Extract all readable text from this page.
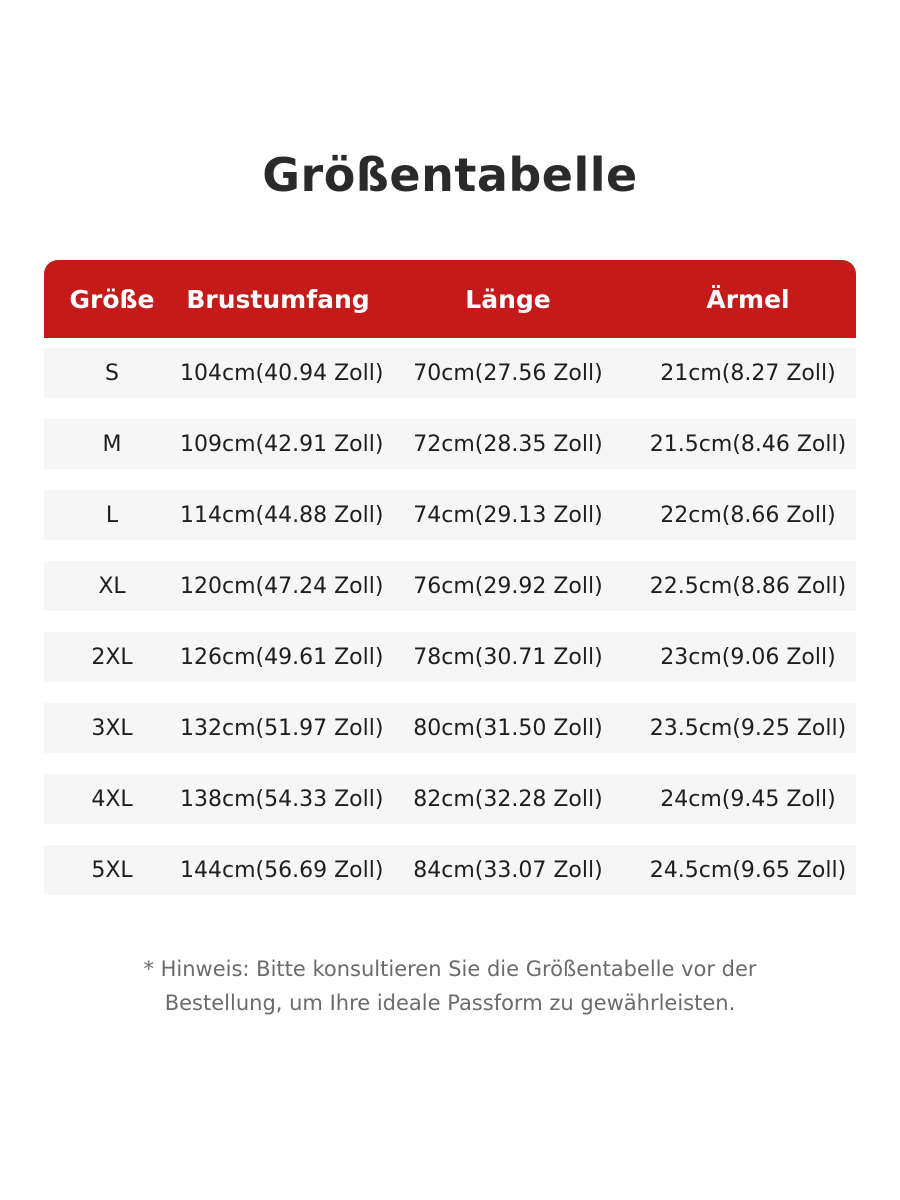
Größentabelle
Größe	Brustumfang	Länge	Ärmel
S	104cm(40.94 Zoll)	70cm(27.56 Zoll)	21cm(8.27 Zoll)
M	109cm(42.91 Zoll)	72cm(28.35 Zoll)	21.5cm(8.46 Zoll)
L	114cm(44.88 Zoll)	74cm(29.13 Zoll)	22cm(8.66 Zoll)
XL	120cm(47.24 Zoll)	76cm(29.92 Zoll)	22.5cm(8.86 Zoll)
2XL	126cm(49.61 Zoll)	78cm(30.71 Zoll)	23cm(9.06 Zoll)
3XL	132cm(51.97 Zoll)	80cm(31.50 Zoll)	23.5cm(9.25 Zoll)
4XL	138cm(54.33 Zoll)	82cm(32.28 Zoll)	24cm(9.45 Zoll)
5XL	144cm(56.69 Zoll)	84cm(33.07 Zoll)	24.5cm(9.65 Zoll)
* Hinweis: Bitte konsultieren Sie die Größentabelle vor der
Bestellung, um Ihre ideale Passform zu gewährleisten.
